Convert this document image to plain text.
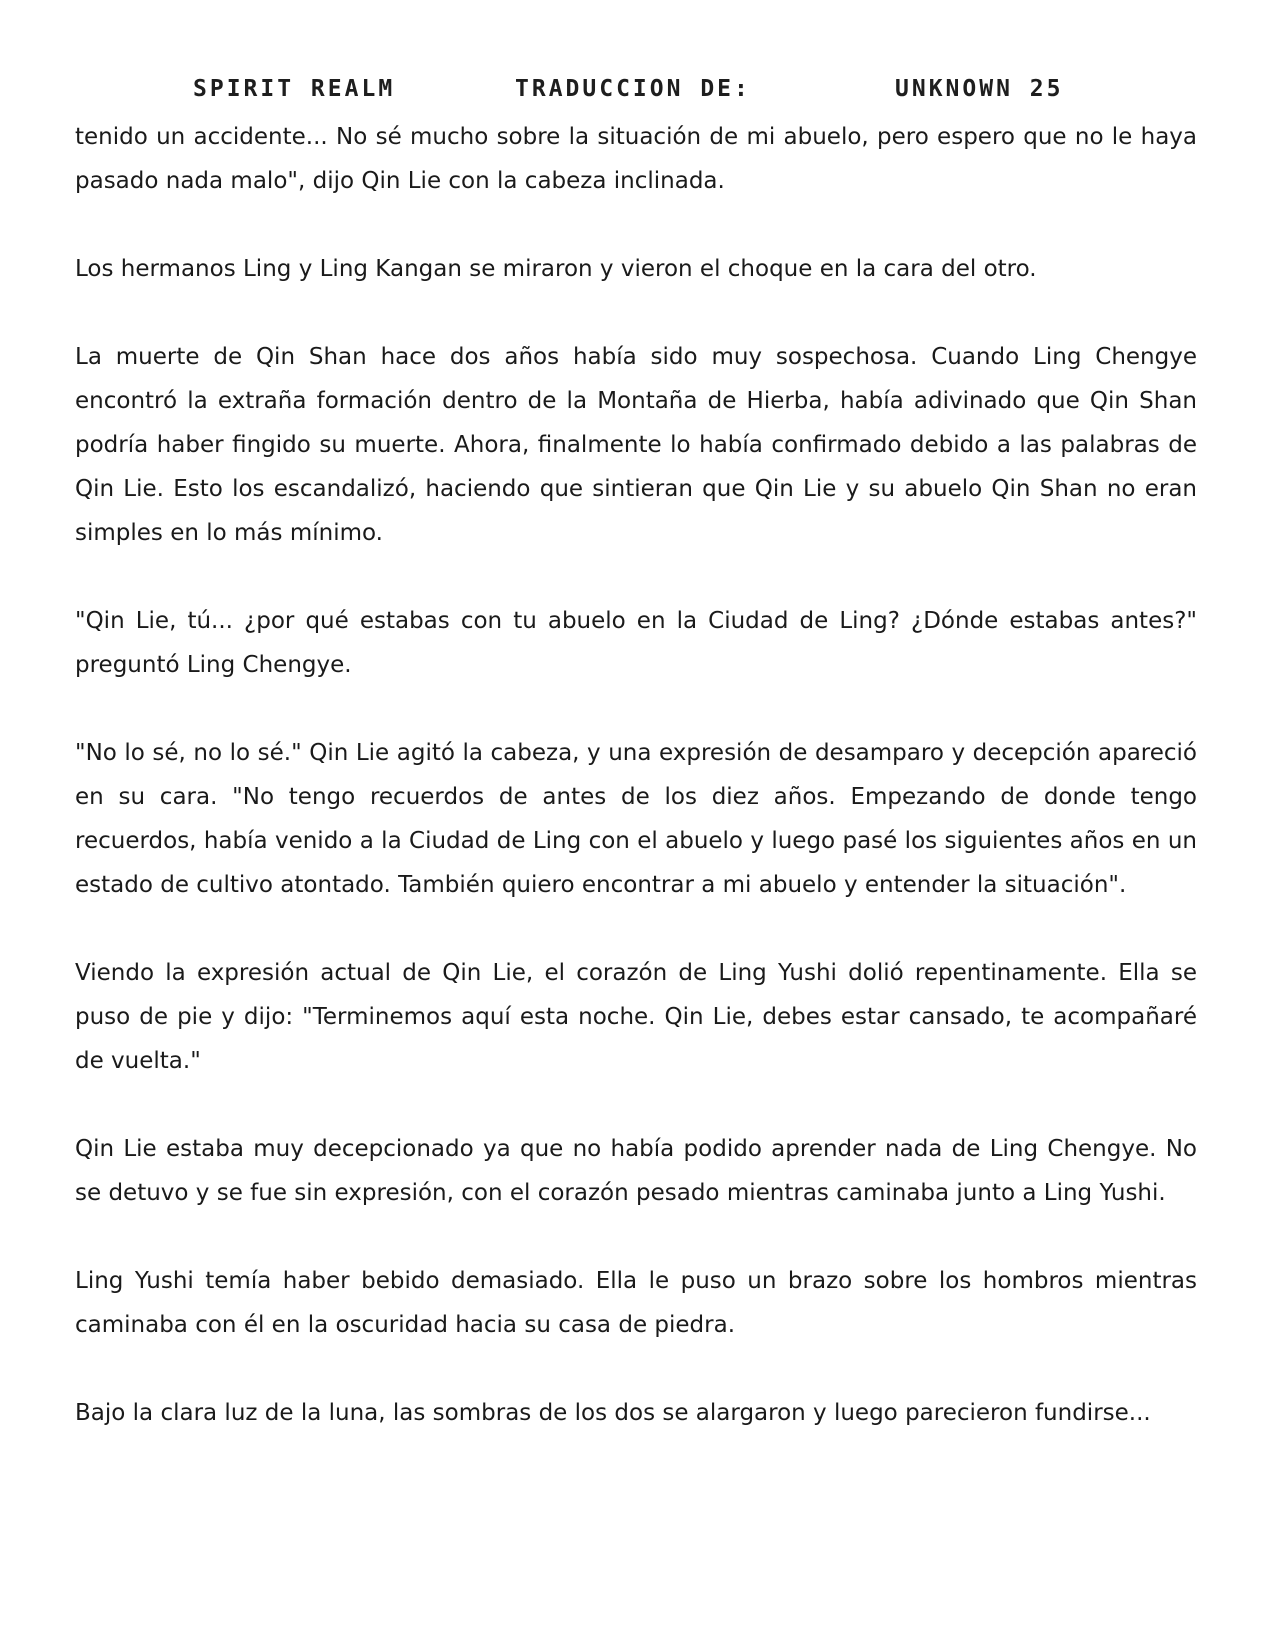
SPIRIT REALM	TRADUCCION DE:	UNKNOWN 25

tenido un accidente... No sé mucho sobre la situación de mi abuelo, pero espero que no le haya pasado nada malo", dijo Qin Lie con la cabeza inclinada.

Los hermanos Ling y Ling Kangan se miraron y vieron el choque en la cara del otro.

La muerte de Qin Shan hace dos años había sido muy sospechosa. Cuando Ling Chengye encontró la extraña formación dentro de la Montaña de Hierba, había adivinado que Qin Shan podría haber fingido su muerte. Ahora, finalmente lo había confirmado debido a las palabras de Qin Lie. Esto los escandalizó, haciendo que sintieran que Qin Lie y su abuelo Qin Shan no eran simples en lo más mínimo.

"Qin Lie, tú... ¿por qué estabas con tu abuelo en la Ciudad de Ling? ¿Dónde estabas antes?" preguntó Ling Chengye.

"No lo sé, no lo sé." Qin Lie agitó la cabeza, y una expresión de desamparo y decepción apareció en su cara. "No tengo recuerdos de antes de los diez años. Empezando de donde tengo recuerdos, había venido a la Ciudad de Ling con el abuelo y luego pasé los siguientes años en un estado de cultivo atontado. También quiero encontrar a mi abuelo y entender la situación".

Viendo la expresión actual de Qin Lie, el corazón de Ling Yushi dolió repentinamente. Ella se puso de pie y dijo: "Terminemos aquí esta noche. Qin Lie, debes estar cansado, te acompañaré de vuelta."

Qin Lie estaba muy decepcionado ya que no había podido aprender nada de Ling Chengye. No se detuvo y se fue sin expresión, con el corazón pesado mientras caminaba junto a Ling Yushi.

Ling Yushi temía haber bebido demasiado. Ella le puso un brazo sobre los hombros mientras caminaba con él en la oscuridad hacia su casa de piedra.

Bajo la clara luz de la luna, las sombras de los dos se alargaron y luego parecieron fundirse...
